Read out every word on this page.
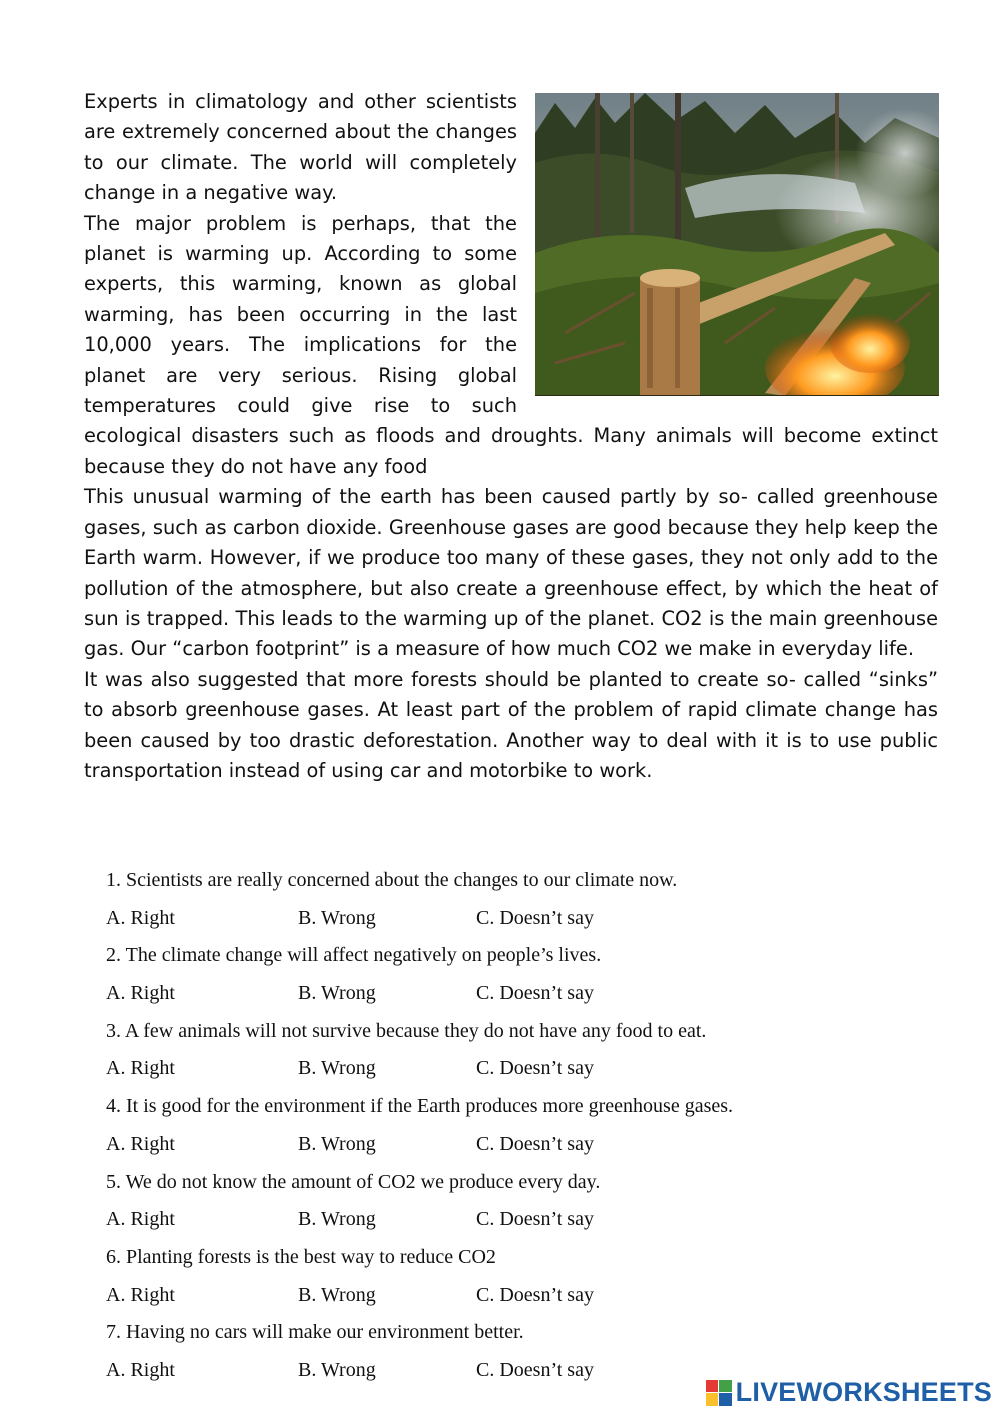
Experts in climatology and other scientists are extremely concerned about the changes to our climate. The world will completely change in a negative way.

The major problem is perhaps, that the planet is warming up. According to some experts, this warming, known as global warming, has been occurring in the last 10,000 years. The implications for the planet are very serious. Rising global temperatures could give rise to such ecological disasters such as floods and droughts. Many animals will become extinct because they do not have any food

This unusual warming of the earth has been caused partly by so- called greenhouse gases, such as carbon dioxide. Greenhouse gases are good because they help keep the Earth warm. However, if we produce too many of these gases, they not only add to the pollution of the atmosphere, but also create a greenhouse effect, by which the heat of sun is trapped. This leads to the warming up of the planet. CO2 is the main greenhouse gas. Our “carbon footprint” is a measure of how much CO2 we make in everyday life.

It was also suggested that more forests should be planted to create so- called “sinks” to absorb greenhouse gases. At least part of the problem of rapid climate change has been caused by too drastic deforestation. Another way to deal with it is to use public transportation instead of using car and motorbike to work.

1. Scientists are really concerned about the changes to our climate now.
A. Right	B. Wrong	C. Doesn’t say
2. The climate change will affect negatively on people’s lives.
A. Right	B. Wrong	C. Doesn’t say
3. A few animals will not survive because they do not have any food to eat.
A. Right	B. Wrong	C. Doesn’t say
4. It is good for the environment if the Earth produces more greenhouse gases.
A. Right	B. Wrong	C. Doesn’t say
5. We do not know the amount of CO2 we produce every day.
A. Right	B. Wrong	C. Doesn’t say
6. Planting forests is the best way to reduce CO2
A. Right	B. Wrong	C. Doesn’t say
7. Having no cars will make our environment better.
A. Right	B. Wrong	C. Doesn’t say
LIVEWORKSHEETS
